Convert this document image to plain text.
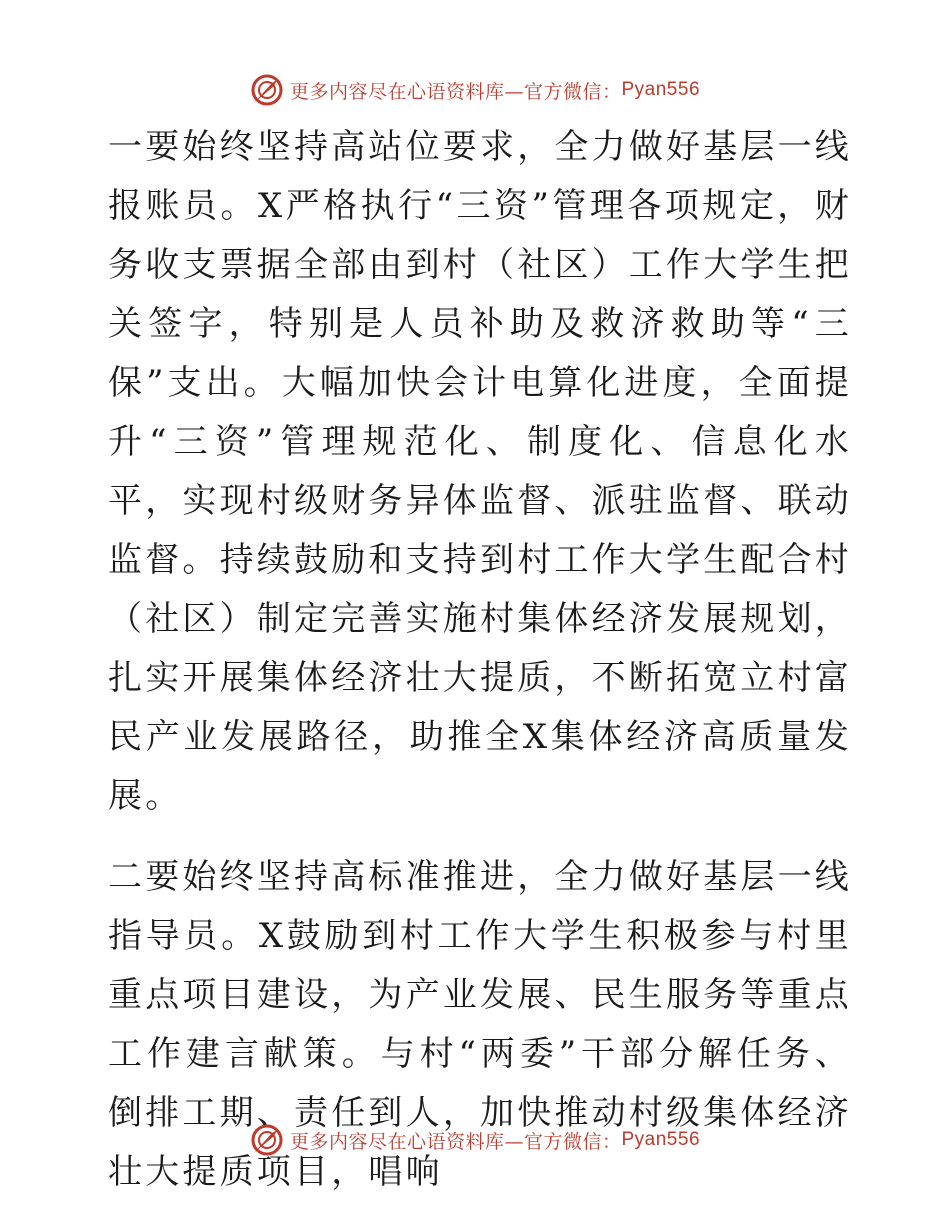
更多内容尽在心语资料库—官方微信： Pyan556

一要始终坚持高站位要求，全力做好基层一线报账员。X严格执行“三资”管理各项规定，财务收支票据全部由到村（社区）工作大学生把关签字，特别是人员补助及救济救助等“三保”支出。大幅加快会计电算化进度，全面提升“三资”管理规范化、制度化、信息化水平，实现村级财务异体监督、派驻监督、联动监督。持续鼓励和支持到村工作大学生配合村（社区）制定完善实施村集体经济发展规划，扎实开展集体经济壮大提质，不断拓宽立村富民产业发展路径，助推全X集体经济高质量发展。

二要始终坚持高标准推进，全力做好基层一线指导员。X鼓励到村工作大学生积极参与村里重点项目建设，为产业发展、民生服务等重点工作建言献策。与村“两委”干部分解任务、倒排工期、责任到人，加快推动村级集体经济壮大提质项目，唱响

更多内容尽在心语资料库—官方微信： Pyan556
